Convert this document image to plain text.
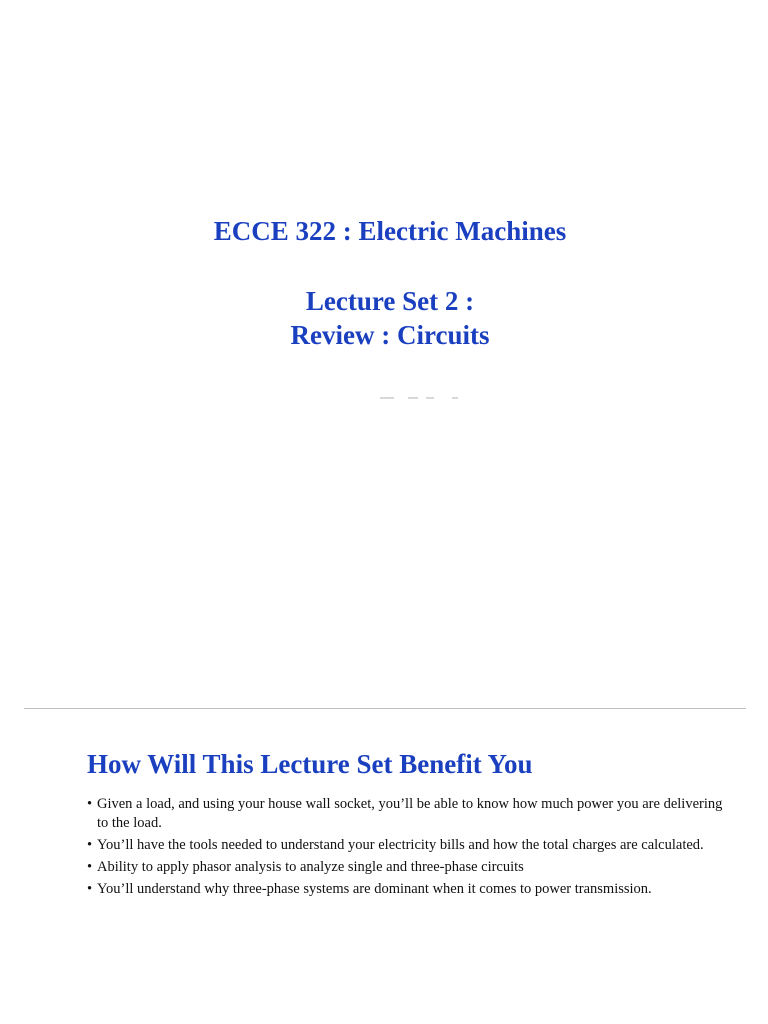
ECCE 322 : Electric Machines
Lecture Set 2 :
Review : Circuits
How Will This Lecture Set Benefit You
• Given a load, and using your house wall socket, you’ll be able to know how much power you are delivering to the load.
• You’ll have the tools needed to understand your electricity bills and how the total charges are calculated.
• Ability to apply phasor analysis to analyze single and three-phase circuits
• You’ll understand why three-phase systems are dominant when it comes to power transmission.
